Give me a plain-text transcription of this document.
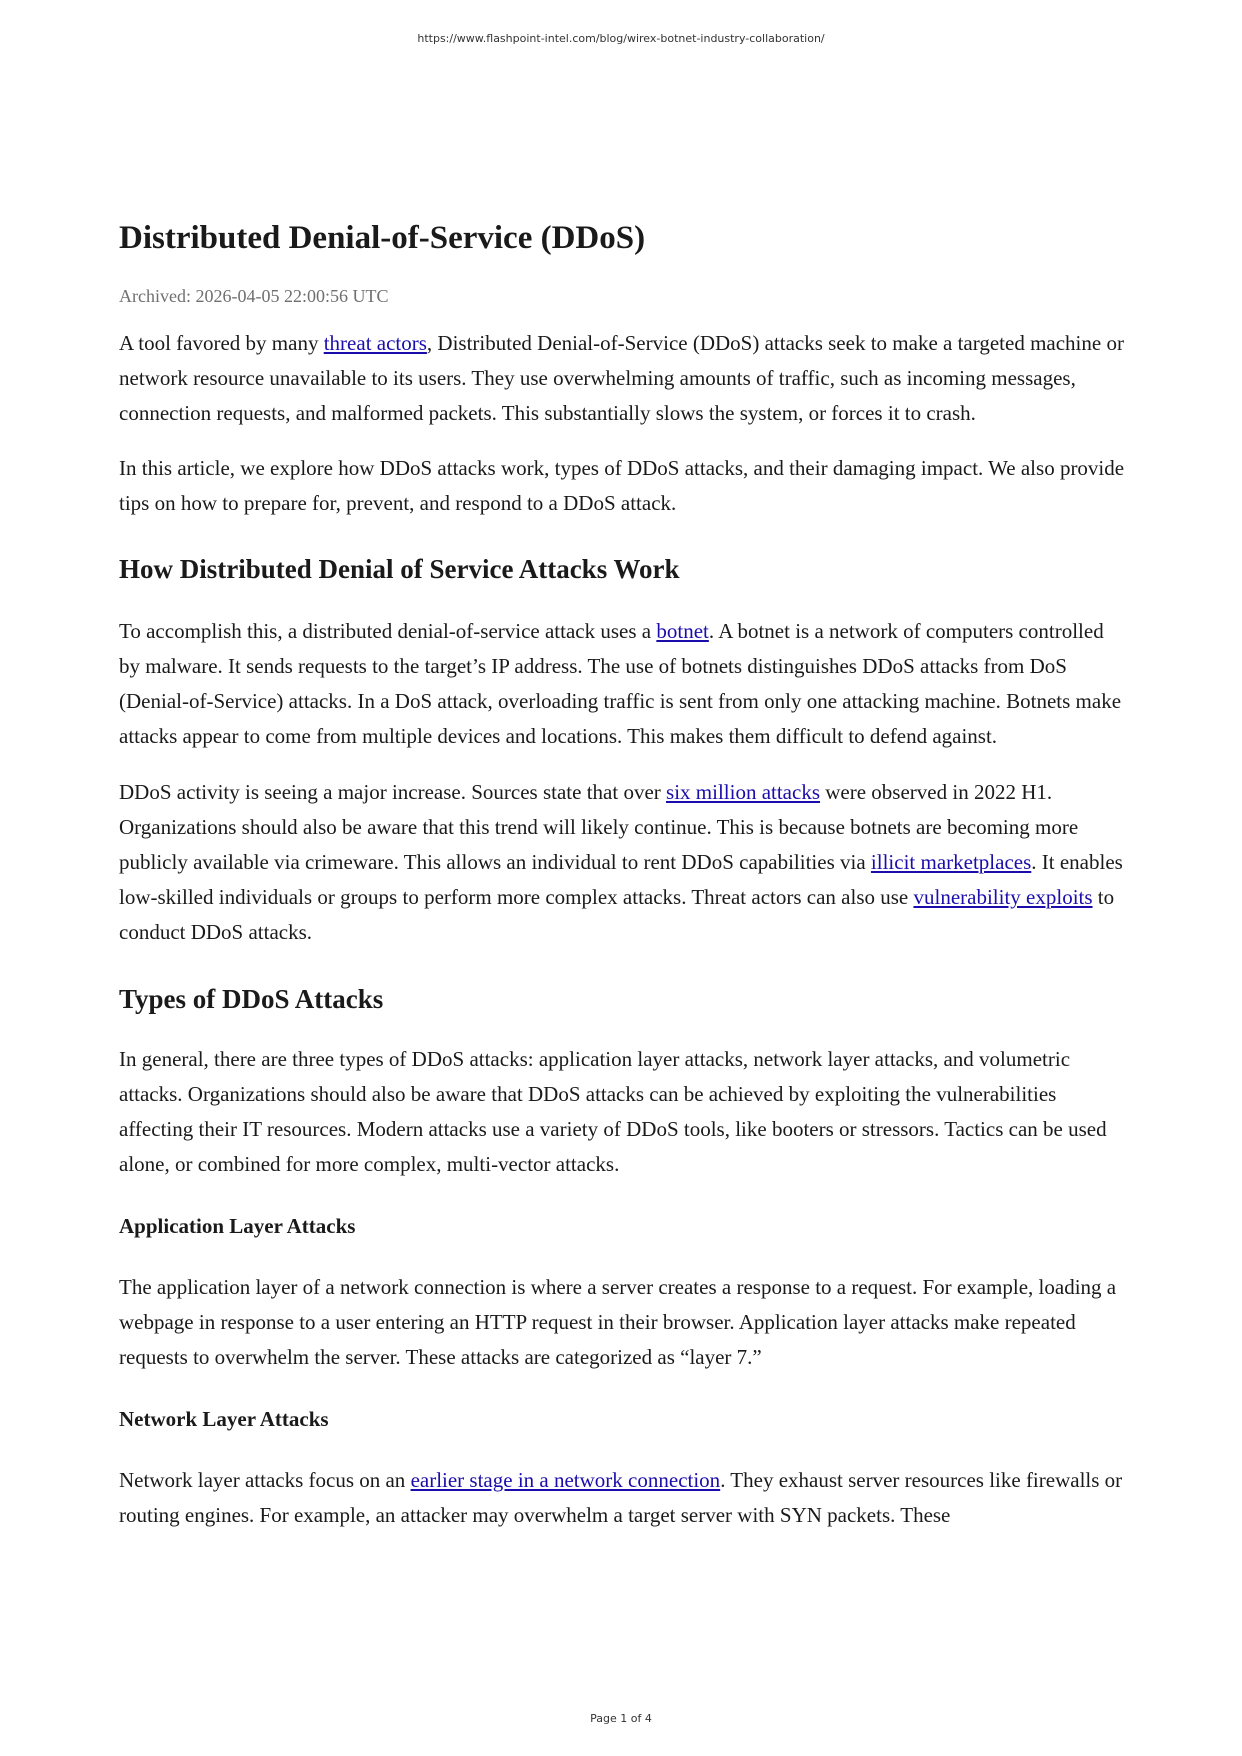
https://www.flashpoint-intel.com/blog/wirex-botnet-industry-collaboration/
Distributed Denial-of-Service (DDoS)
Archived: 2026-04-05 22:00:56 UTC

A tool favored by many threat actors, Distributed Denial-of-Service (DDoS) attacks seek to make a targeted machine or network resource unavailable to its users. They use overwhelming amounts of traffic, such as incoming messages, connection requests, and malformed packets. This substantially slows the system, or forces it to crash.

In this article, we explore how DDoS attacks work, types of DDoS attacks, and their damaging impact. We also provide tips on how to prepare for, prevent, and respond to a DDoS attack.

How Distributed Denial of Service Attacks Work

To accomplish this, a distributed denial-of-service attack uses a botnet. A botnet is a network of computers controlled by malware. It sends requests to the target’s IP address. The use of botnets distinguishes DDoS attacks from DoS (Denial-of-Service) attacks. In a DoS attack, overloading traffic is sent from only one attacking machine. Botnets make attacks appear to come from multiple devices and locations. This makes them difficult to defend against.

DDoS activity is seeing a major increase. Sources state that over six million attacks were observed in 2022 H1. Organizations should also be aware that this trend will likely continue. This is because botnets are becoming more publicly available via crimeware. This allows an individual to rent DDoS capabilities via illicit marketplaces. It enables low-skilled individuals or groups to perform more complex attacks. Threat actors can also use vulnerability exploits to conduct DDoS attacks.

Types of DDoS Attacks

In general, there are three types of DDoS attacks: application layer attacks, network layer attacks, and volumetric attacks. Organizations should also be aware that DDoS attacks can be achieved by exploiting the vulnerabilities affecting their IT resources. Modern attacks use a variety of DDoS tools, like booters or stressors. Tactics can be used alone, or combined for more complex, multi-vector attacks.

Application Layer Attacks

The application layer of a network connection is where a server creates a response to a request. For example, loading a webpage in response to a user entering an HTTP request in their browser. Application layer attacks make repeated requests to overwhelm the server. These attacks are categorized as “layer 7.”

Network Layer Attacks

Network layer attacks focus on an earlier stage in a network connection. They exhaust server resources like firewalls or routing engines. For example, an attacker may overwhelm a target server with SYN packets. These

Page 1 of 4
